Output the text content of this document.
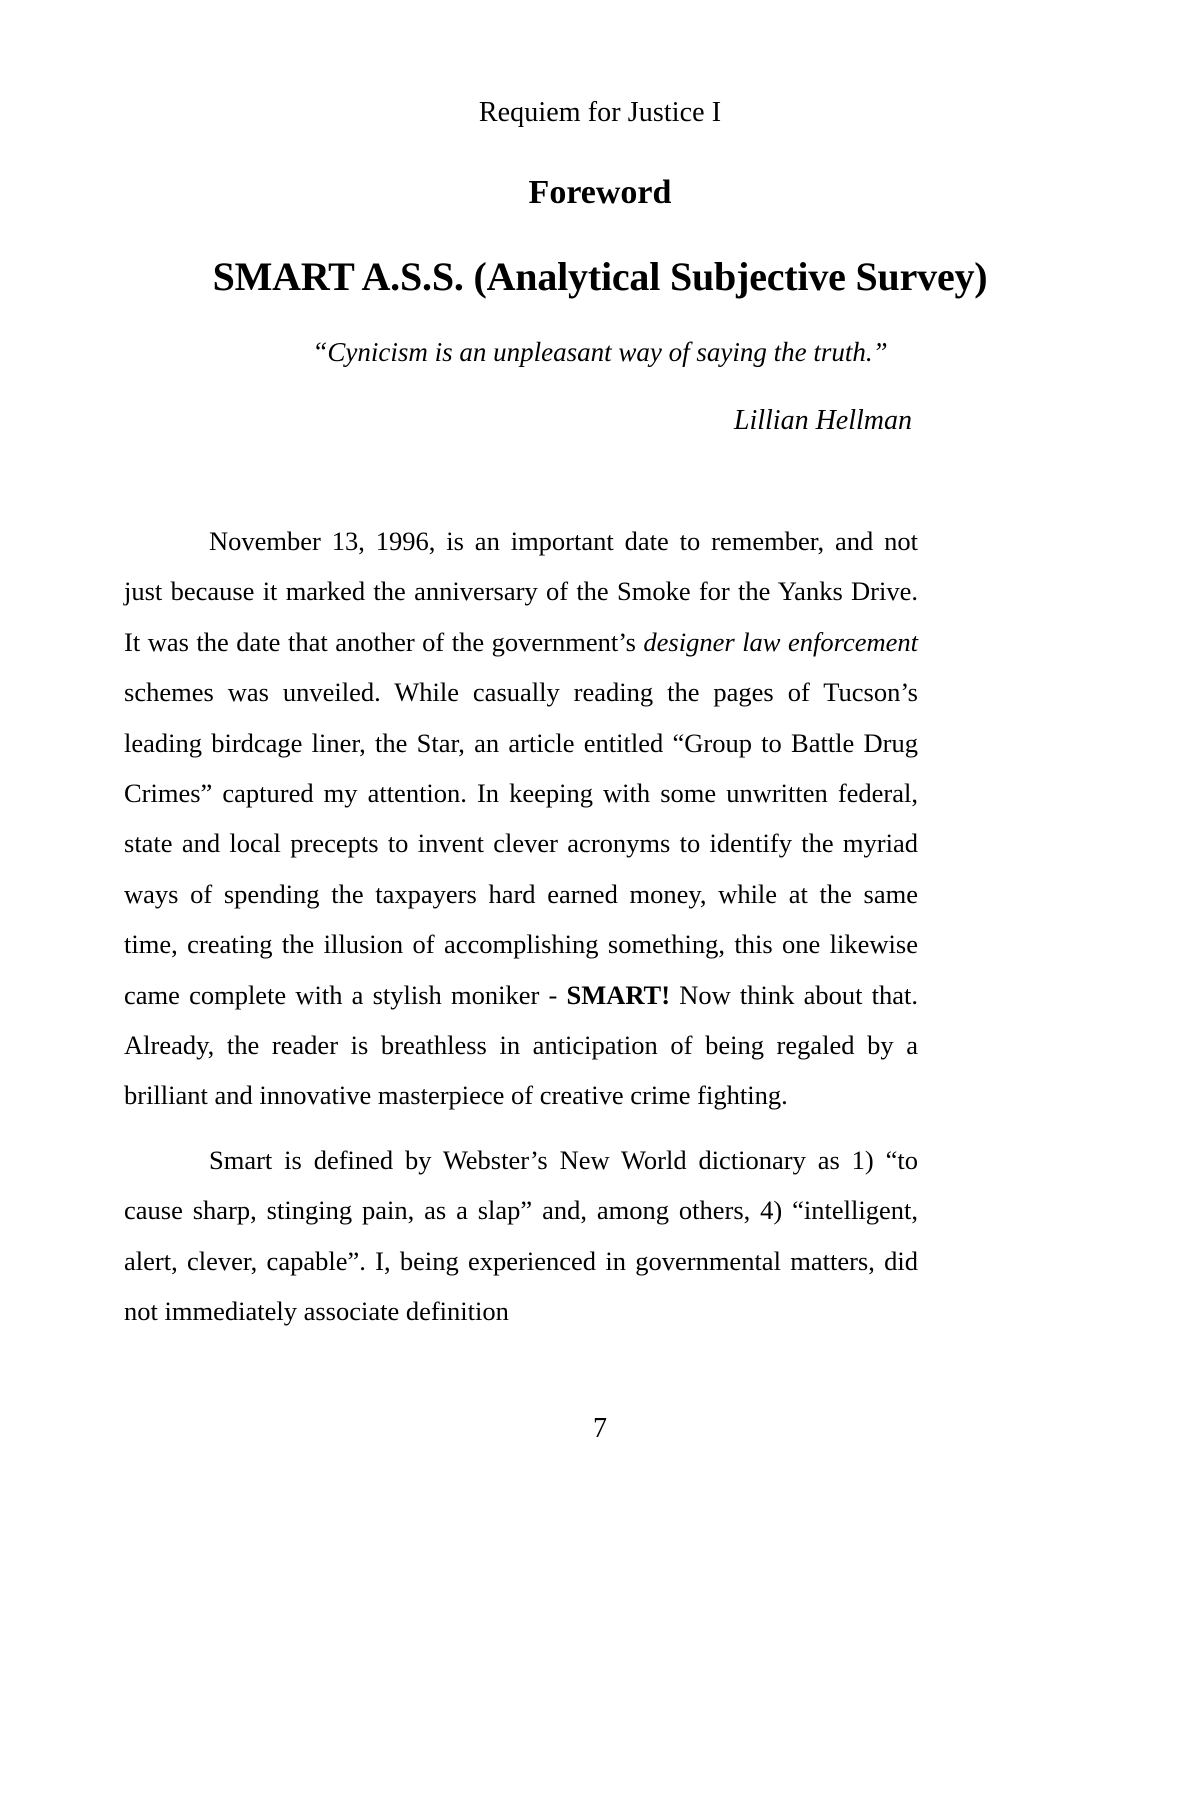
Requiem for Justice I
Foreword
SMART A.S.S. (Analytical Subjective Survey)
“Cynicism is an unpleasant way of saying the truth.”
Lillian Hellman

November 13, 1996, is an important date to remember, and not just because it marked the anniversary of the Smoke for the Yanks Drive. It was the date that another of the government’s designer law enforcement schemes was unveiled. While casually reading the pages of Tucson’s leading birdcage liner, the Star, an article entitled “Group to Battle Drug Crimes” captured my attention. In keeping with some unwritten federal, state and local precepts to invent clever acronyms to identify the myriad ways of spending the taxpayers hard earned money, while at the same time, creating the illusion of accomplishing something, this one likewise came complete with a stylish moniker - SMART! Now think about that. Already, the reader is breathless in anticipation of being regaled by a brilliant and innovative masterpiece of creative crime fighting.

Smart is defined by Webster’s New World dictionary as 1) “to cause sharp, stinging pain, as a slap” and, among others, 4) “intelligent, alert, clever, capable”. I, being experienced in governmental matters, did not immediately associate definition

7
